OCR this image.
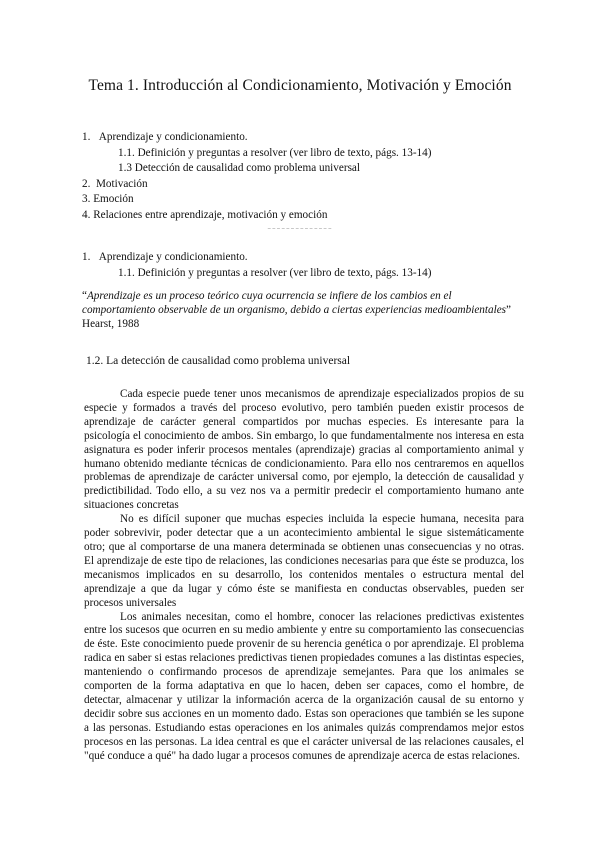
Tema 1. Introducción al Condicionamiento, Motivación y Emoción
1. Aprendizaje y condicionamiento.
1.1. Definición y preguntas a resolver (ver libro de texto, págs. 13-14)
1.3 Detección de causalidad como problema universal
2. Motivación
3. Emoción
4. Relaciones entre aprendizaje, motivación y emoción
--------------
1. Aprendizaje y condicionamiento.
1.1. Definición y preguntas a resolver (ver libro de texto, págs. 13-14)
“Aprendizaje es un proceso teórico cuya ocurrencia se infiere de los cambios en el comportamiento observable de un organismo, debido a ciertas experiencias medioambientales” Hearst, 1988
1.2. La detección de causalidad como problema universal

Cada especie puede tener unos mecanismos de aprendizaje especializados propios de su especie y formados a través del proceso evolutivo, pero también pueden existir procesos de aprendizaje de carácter general compartidos por muchas especies. Es interesante para la psicología el conocimiento de ambos. Sin embargo, lo que fundamentalmente nos interesa en esta asignatura es poder inferir procesos mentales (aprendizaje) gracias al comportamiento animal y humano obtenido mediante técnicas de condicionamiento. Para ello nos centraremos en aquellos problemas de aprendizaje de carácter universal como, por ejemplo, la detección de causalidad y predictibilidad. Todo ello, a su vez nos va a permitir predecir el comportamiento humano ante situaciones concretas

No es difícil suponer que muchas especies incluida la especie humana, necesita para poder sobrevivir, poder detectar que a un acontecimiento ambiental le sigue sistemáticamente otro; que al comportarse de una manera determinada se obtienen unas consecuencias y no otras. El aprendizaje de este tipo de relaciones, las condiciones necesarias para que éste se produzca, los mecanismos implicados en su desarrollo, los contenidos mentales o estructura mental del aprendizaje a que da lugar y cómo éste se manifiesta en conductas observables, pueden ser procesos universales

Los animales necesitan, como el hombre, conocer las relaciones predictivas existentes entre los sucesos que ocurren en su medio ambiente y entre su comportamiento las consecuencias de éste. Este conocimiento puede provenir de su herencia genética o por aprendizaje. El problema radica en saber si estas relaciones predictivas tienen propiedades comunes a las distintas especies, manteniendo o confirmando procesos de aprendizaje semejantes. Para que los animales se comporten de la forma adaptativa en que lo hacen, deben ser capaces, como el hombre, de detectar, almacenar y utilizar la información acerca de la organización causal de su entorno y decidir sobre sus acciones en un momento dado. Estas son operaciones que también se les supone a las personas. Estudiando estas operaciones en los animales quizás comprendamos mejor estos procesos en las personas. La idea central es que el carácter universal de las relaciones causales, el "qué conduce a qué" ha dado lugar a procesos comunes de aprendizaje acerca de estas relaciones.
